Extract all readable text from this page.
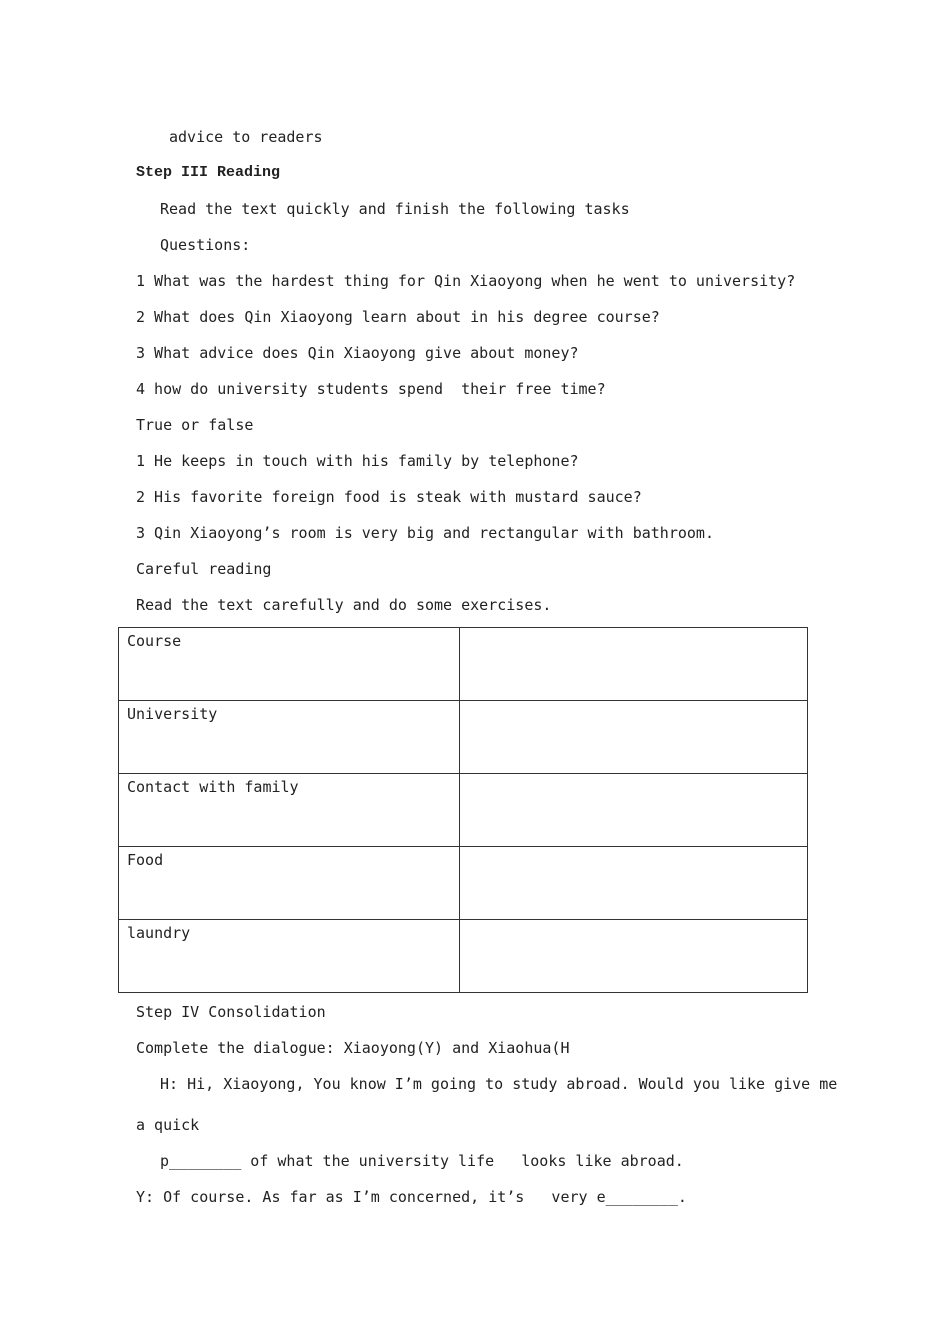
advice to readers
Step III Reading
Read the text quickly and finish the following tasks
Questions:
1 What was the hardest thing for Qin Xiaoyong when he went to university?
2 What does Qin Xiaoyong learn about in his degree course?
3 What advice does Qin Xiaoyong give about money?
4 how do university students spend  their free time?
True or false
1 He keeps in touch with his family by telephone?
2 His favorite foreign food is steak with mustard sauce?
3 Qin Xiaoyong’s room is very big and rectangular with bathroom.
Careful reading
Read the text carefully and do some exercises.
Course	
University	
Contact with family	
Food	
laundry	
Step IV Consolidation
Complete the dialogue: Xiaoyong(Y) and Xiaohua(H
H: Hi, Xiaoyong, You know I’m going to study abroad. Would you like give me
a quick
p________ of what the university life   looks like abroad.
Y: Of course. As far as I’m concerned, it’s   very e________.
